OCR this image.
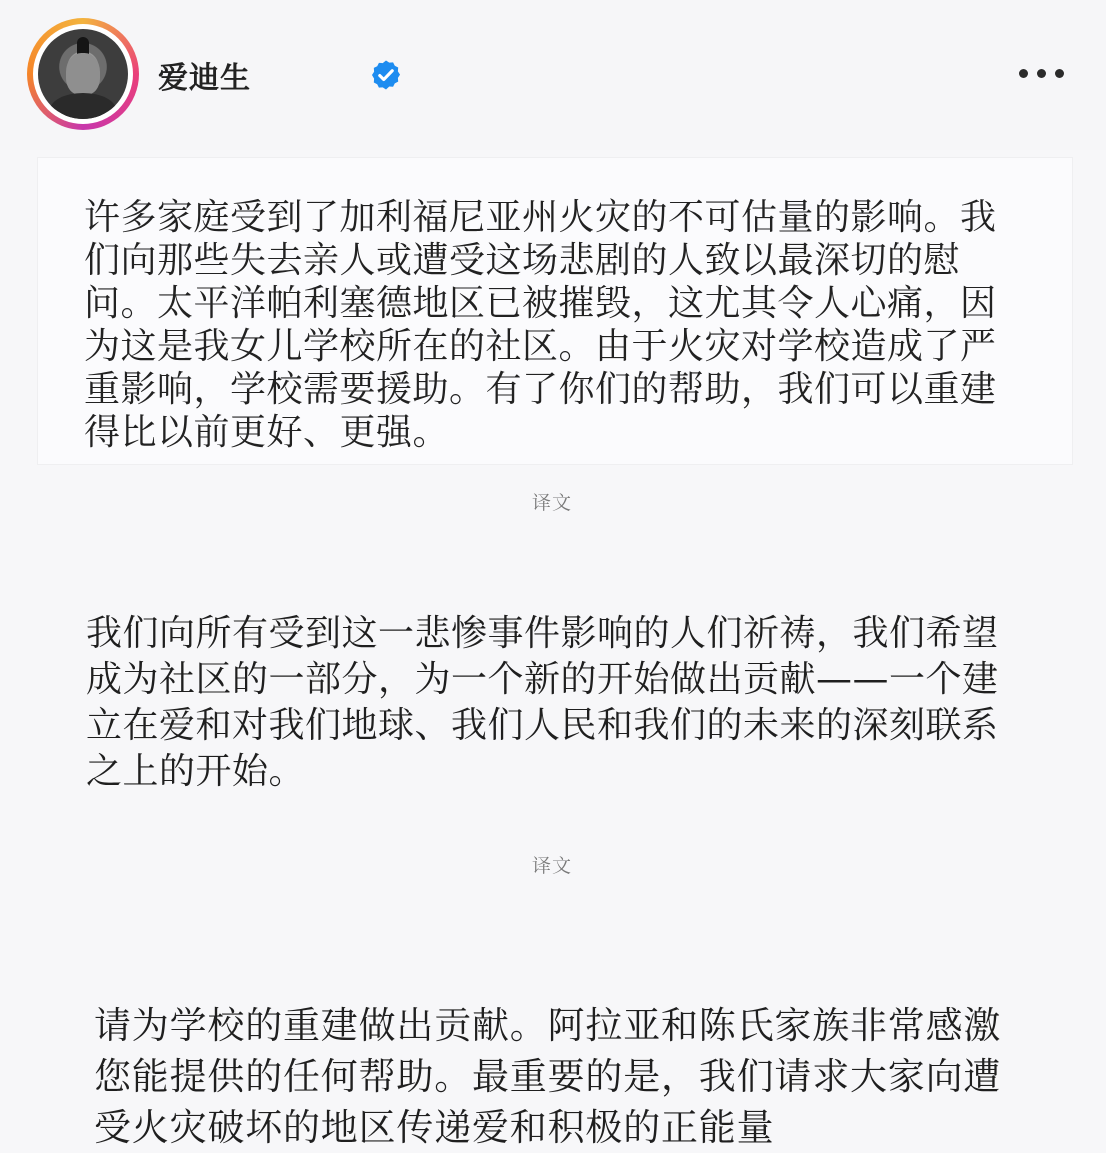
爱迪生
许多家庭受到了加利福尼亚州火灾的不可估量的影响。我们向那些失去亲人或遭受这场悲剧的人致以最深切的慰问。太平洋帕利塞德地区已被摧毁，这尤其令人心痛，因为这是我女儿学校所在的社区。由于火灾对学校造成了严重影响，学校需要援助。有了你们的帮助，我们可以重建得比以前更好、更强。
译文
我们向所有受到这一悲惨事件影响的人们祈祷，我们希望成为社区的一部分，为一个新的开始做出贡献——一个建立在爱和对我们地球、我们人民和我们的未来的深刻联系之上的开始。
译文
请为学校的重建做出贡献。阿拉亚和陈氏家族非常感激您能提供的任何帮助。最重要的是，我们请求大家向遭受火灾破坏的地区传递爱和积极的正能量
